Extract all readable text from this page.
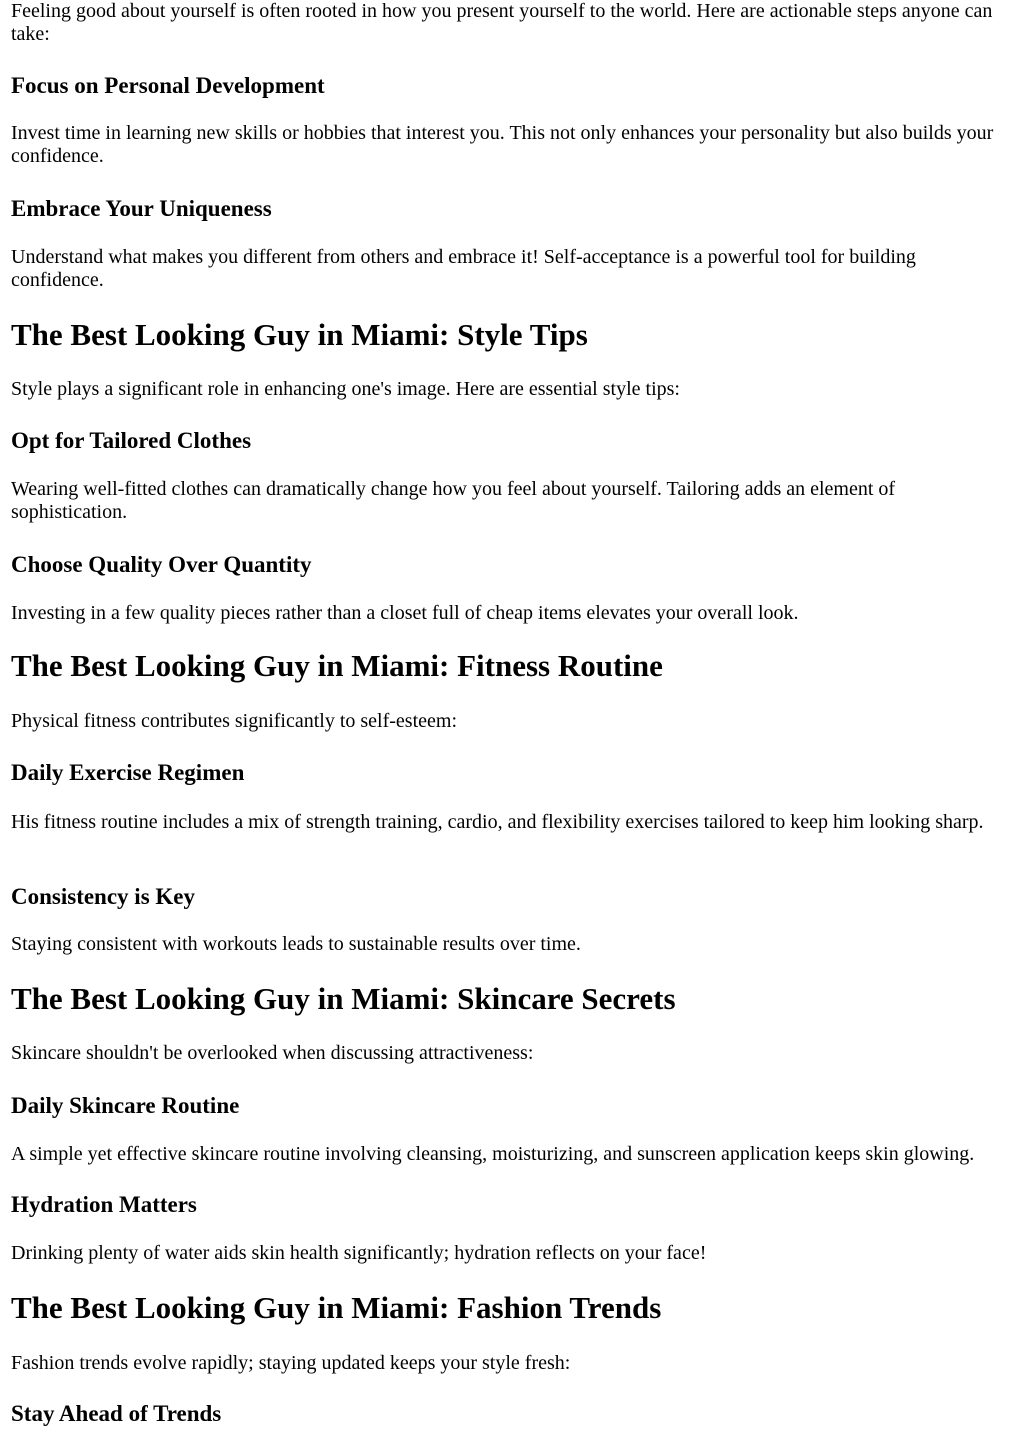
Feeling good about yourself is often rooted in how you present yourself to the world. Here are actionable steps anyone can take:

Focus on Personal Development

Invest time in learning new skills or hobbies that interest you. This not only enhances your personality but also builds your confidence.

Embrace Your Uniqueness

Understand what makes you different from others and embrace it! Self-acceptance is a powerful tool for building confidence.

The Best Looking Guy in Miami: Style Tips

Style plays a significant role in enhancing one's image. Here are essential style tips:

Opt for Tailored Clothes

Wearing well-fitted clothes can dramatically change how you feel about yourself. Tailoring adds an element of sophistication.

Choose Quality Over Quantity

Investing in a few quality pieces rather than a closet full of cheap items elevates your overall look.

The Best Looking Guy in Miami: Fitness Routine

Physical fitness contributes significantly to self-esteem:

Daily Exercise Regimen

His fitness routine includes a mix of strength training, cardio, and flexibility exercises tailored to keep him looking sharp.

Consistency is Key

Staying consistent with workouts leads to sustainable results over time.

The Best Looking Guy in Miami: Skincare Secrets

Skincare shouldn't be overlooked when discussing attractiveness:

Daily Skincare Routine

A simple yet effective skincare routine involving cleansing, moisturizing, and sunscreen application keeps skin glowing.

Hydration Matters

Drinking plenty of water aids skin health significantly; hydration reflects on your face!

The Best Looking Guy in Miami: Fashion Trends

Fashion trends evolve rapidly; staying updated keeps your style fresh:

Stay Ahead of Trends
